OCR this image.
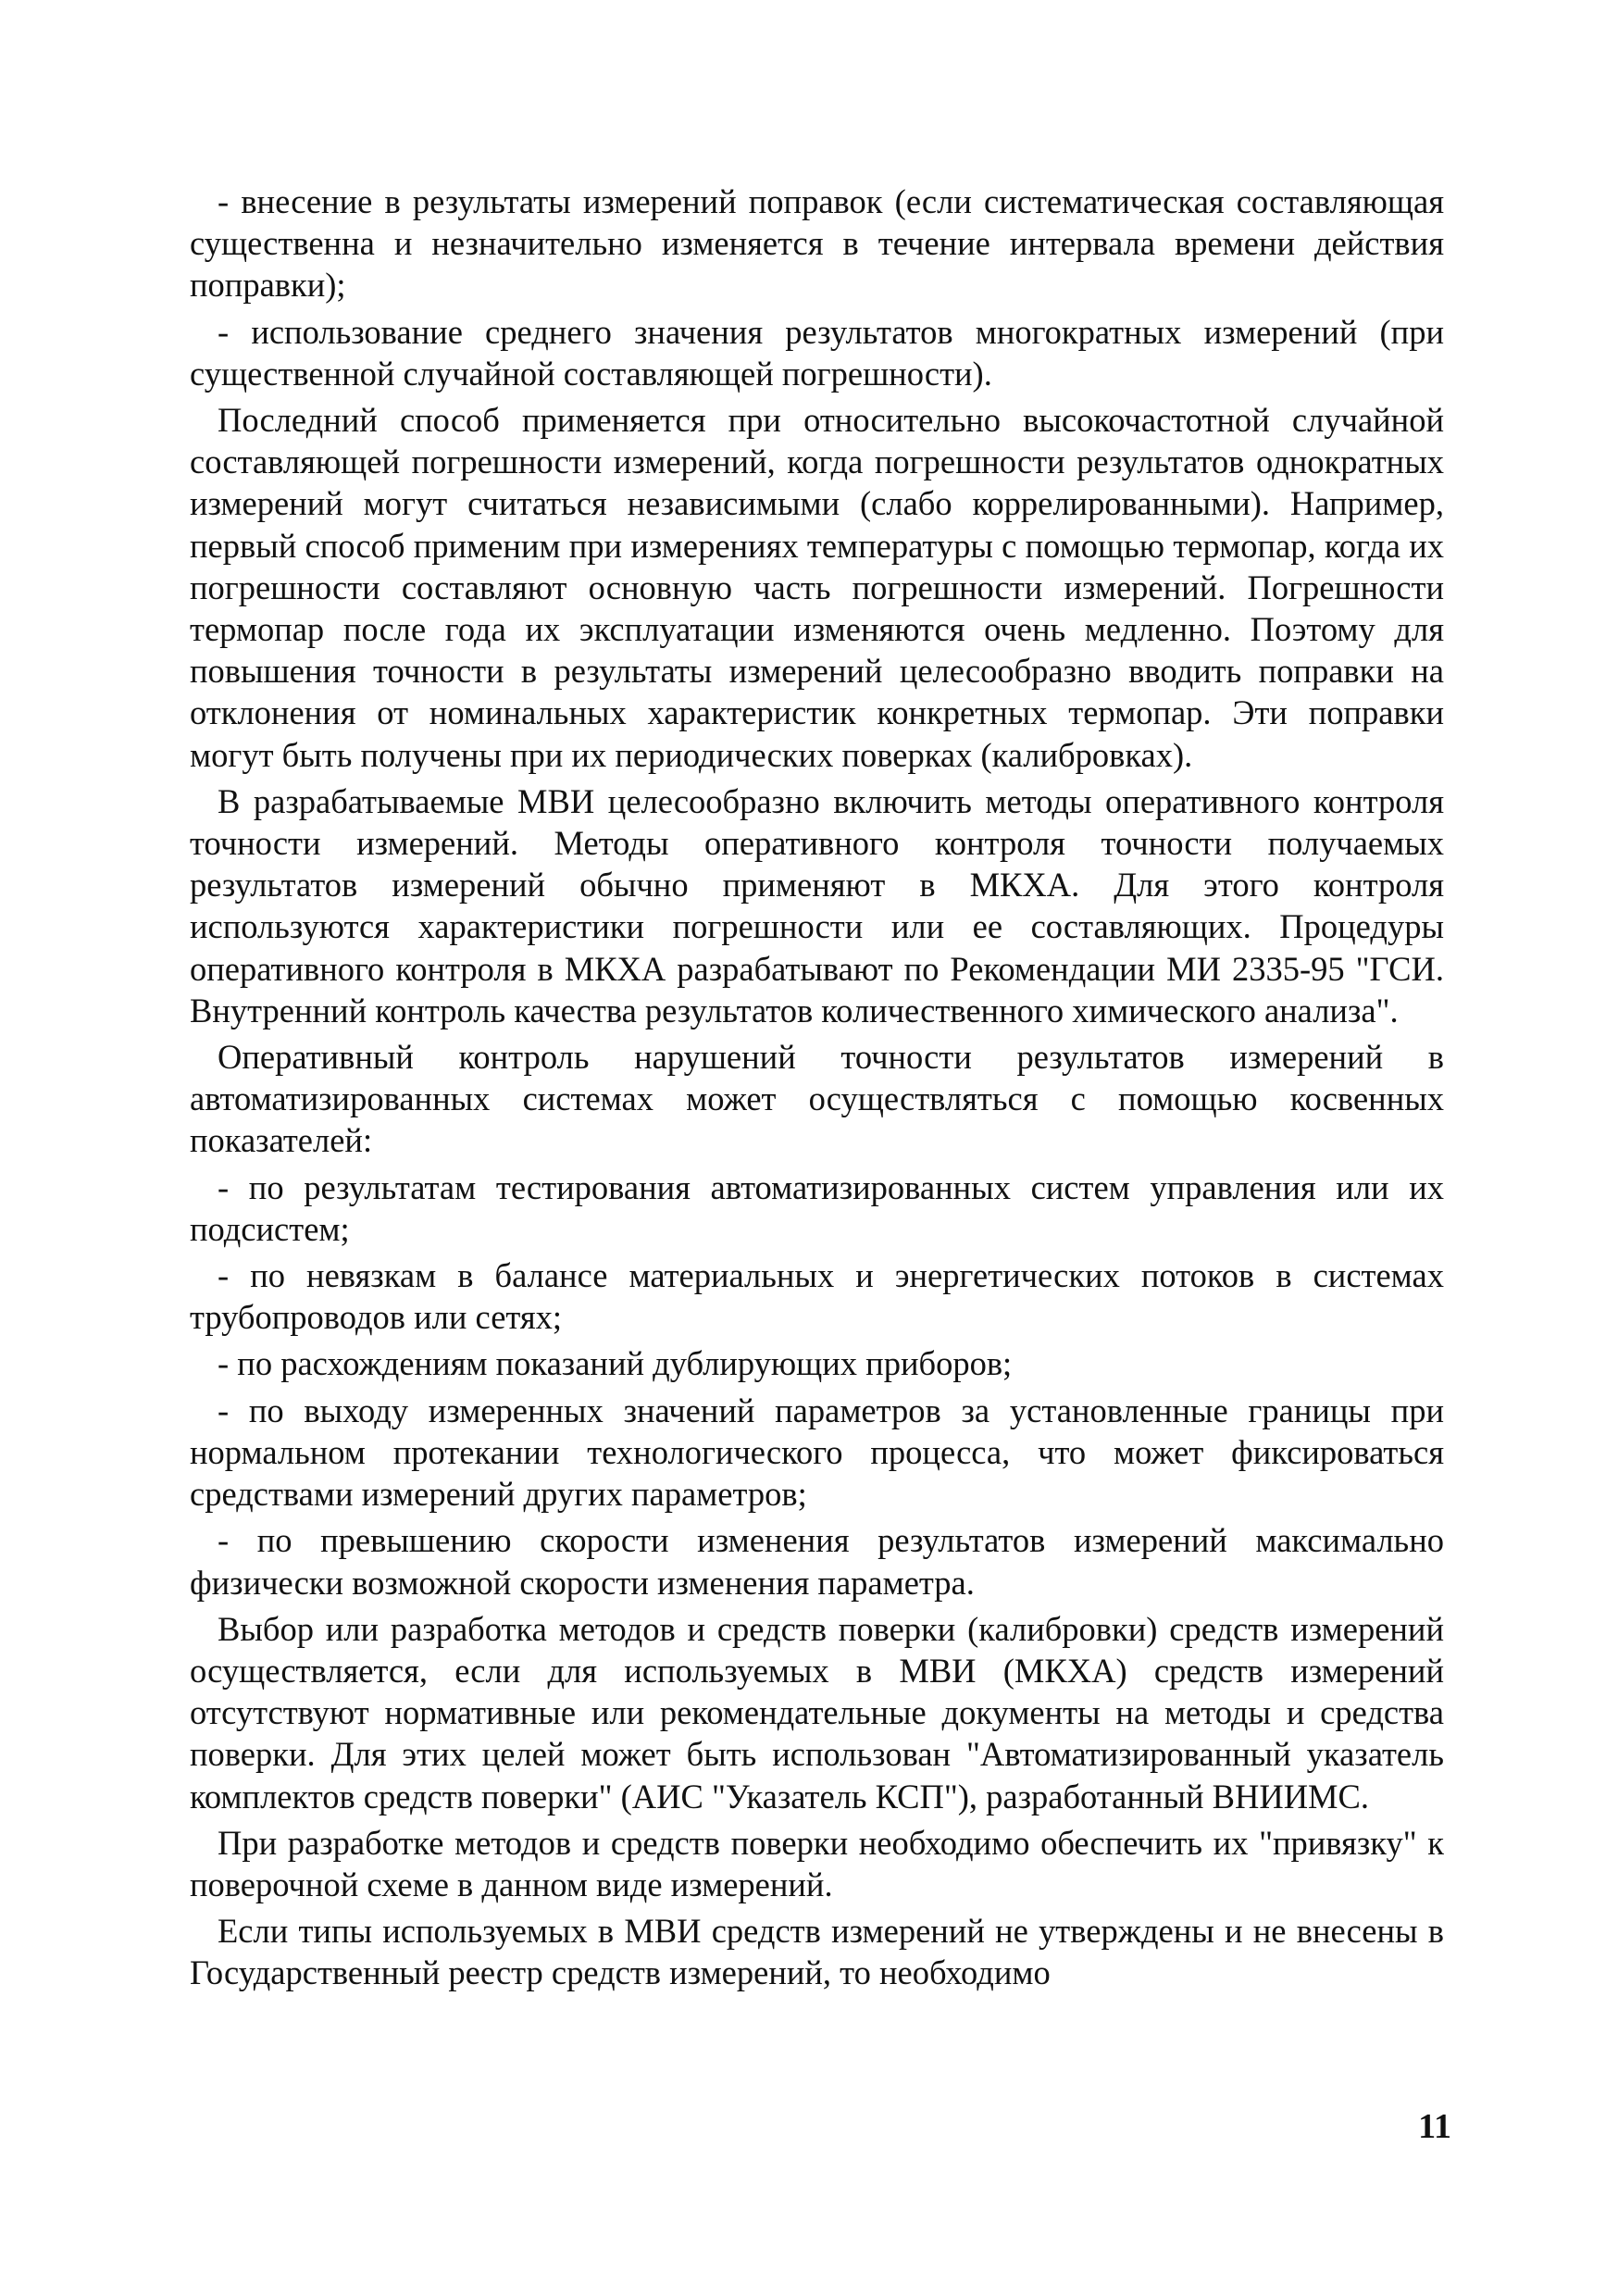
- внесение в результаты измерений поправок (если систематическая составляющая существенна и незначительно изменяется в течение интервала времени действия поправки);

- использование среднего значения результатов многократных измерений (при существенной случайной составляющей погрешности).

Последний способ применяется при относительно высокочастотной случайной составляющей погрешности измерений, когда погрешности результатов однократных измерений могут считаться независимыми (слабо коррелированными). Например, первый способ применим при измерениях температуры с помощью термопар, когда их погрешности составляют основную часть погрешности измерений. Погрешности термопар после года их эксплуатации изменяются очень медленно. Поэтому для повышения точности в результаты измерений целесообразно вводить поправки на отклонения от номинальных характеристик конкретных термопар. Эти поправки могут быть получены при их периодических поверках (калибровках).

В разрабатываемые МВИ целесообразно включить методы оперативного контроля точности измерений. Методы оперативного контроля точности получаемых результатов измерений обычно применяют в МКХА. Для этого контроля используются характеристики погрешности или ее составляющих. Процедуры оперативного контроля в МКХА разрабатывают по Рекомендации МИ 2335-95 "ГСИ. Внутренний контроль качества результатов количественного химического анализа".

Оперативный контроль нарушений точности результатов измерений в автоматизированных системах может осуществляться с помощью косвенных показателей:

- по результатам тестирования автоматизированных систем управления или их подсистем;

- по невязкам в балансе материальных и энергетических потоков в системах трубопроводов или сетях;

- по расхождениям показаний дублирующих приборов;

- по выходу измеренных значений параметров за установленные границы при нормальном протекании технологического процесса, что может фиксироваться средствами измерений других параметров;

- по превышению скорости изменения результатов измерений максимально физически возможной скорости изменения параметра.

Выбор или разработка методов и средств поверки (калибровки) средств измерений осуществляется, если для используемых в МВИ (МКХА) средств измерений отсутствуют нормативные или рекомендательные документы на методы и средства поверки. Для этих целей может быть использован "Автоматизированный указатель комплектов средств поверки" (АИС "Указатель КСП"), разработанный ВНИИМС.

При разработке методов и средств поверки необходимо обеспечить их "привязку" к поверочной схеме в данном виде измерений.

Если типы используемых в МВИ средств измерений не утверждены и не внесены в Государственный реестр средств измерений, то необходимо

11
